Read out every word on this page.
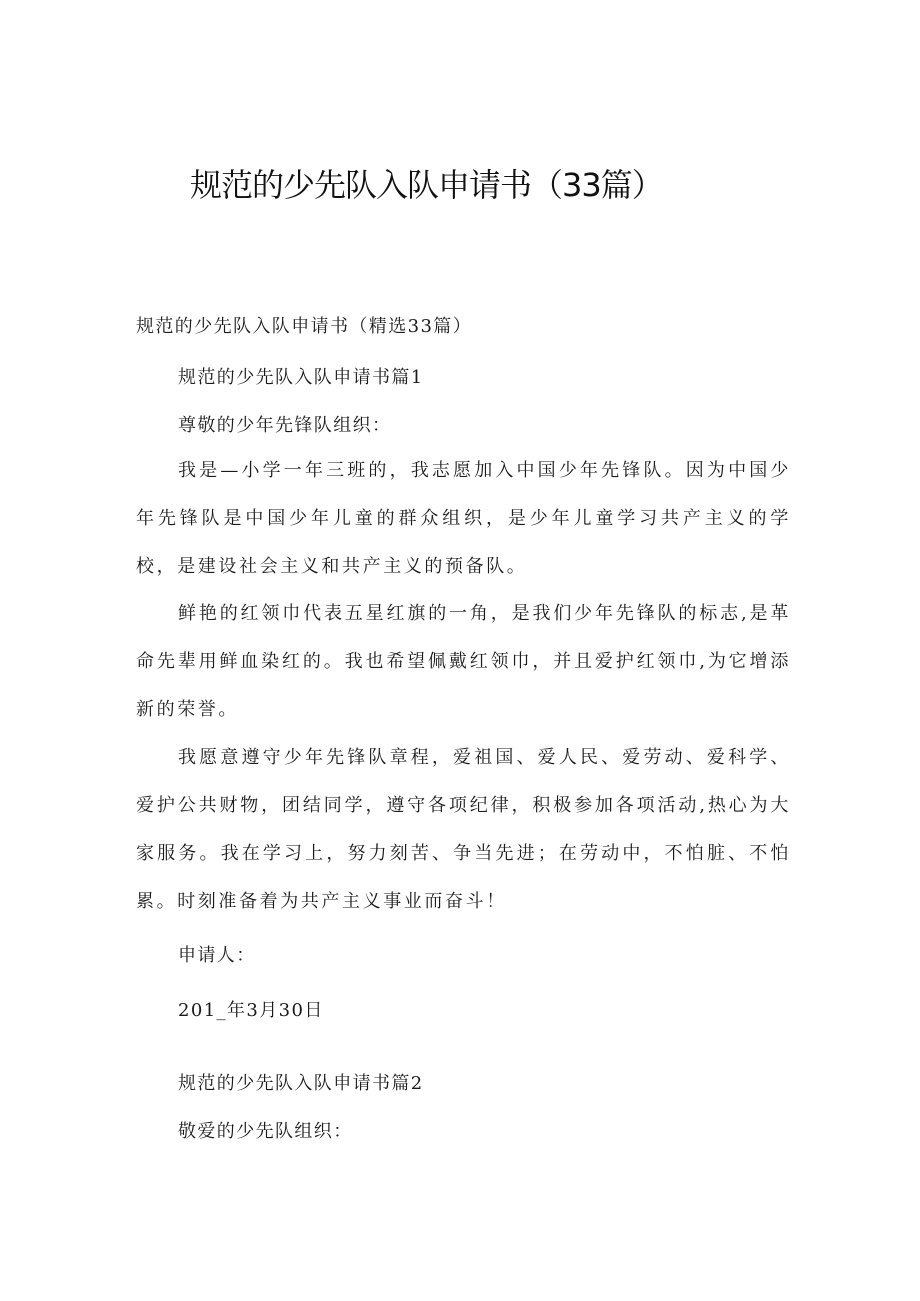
规范的少先队入队申请书（33篇）
规范的少先队入队申请书（精选33篇）
规范的少先队入队申请书篇1
尊敬的少年先锋队组织：

我是—小学一年三班的，我志愿加入中国少年先锋队。因为中国少年先锋队是中国少年儿童的群众组织，是少年儿童学习共产主义的学校，是建设社会主义和共产主义的预备队。

鲜艳的红领巾代表五星红旗的一角，是我们少年先锋队的标志,是革命先辈用鲜血染红的。我也希望佩戴红领巾，并且爱护红领巾,为它增添新的荣誉。

我愿意遵守少年先锋队章程，爱祖国、爱人民、爱劳动、爱科学、爱护公共财物，团结同学，遵守各项纪律，积极参加各项活动,热心为大家服务。我在学习上，努力刻苦、争当先进；在劳动中，不怕脏、不怕累。时刻准备着为共产主义事业而奋斗！

申请人：
201_年3月30日
规范的少先队入队申请书篇2
敬爱的少先队组织：
